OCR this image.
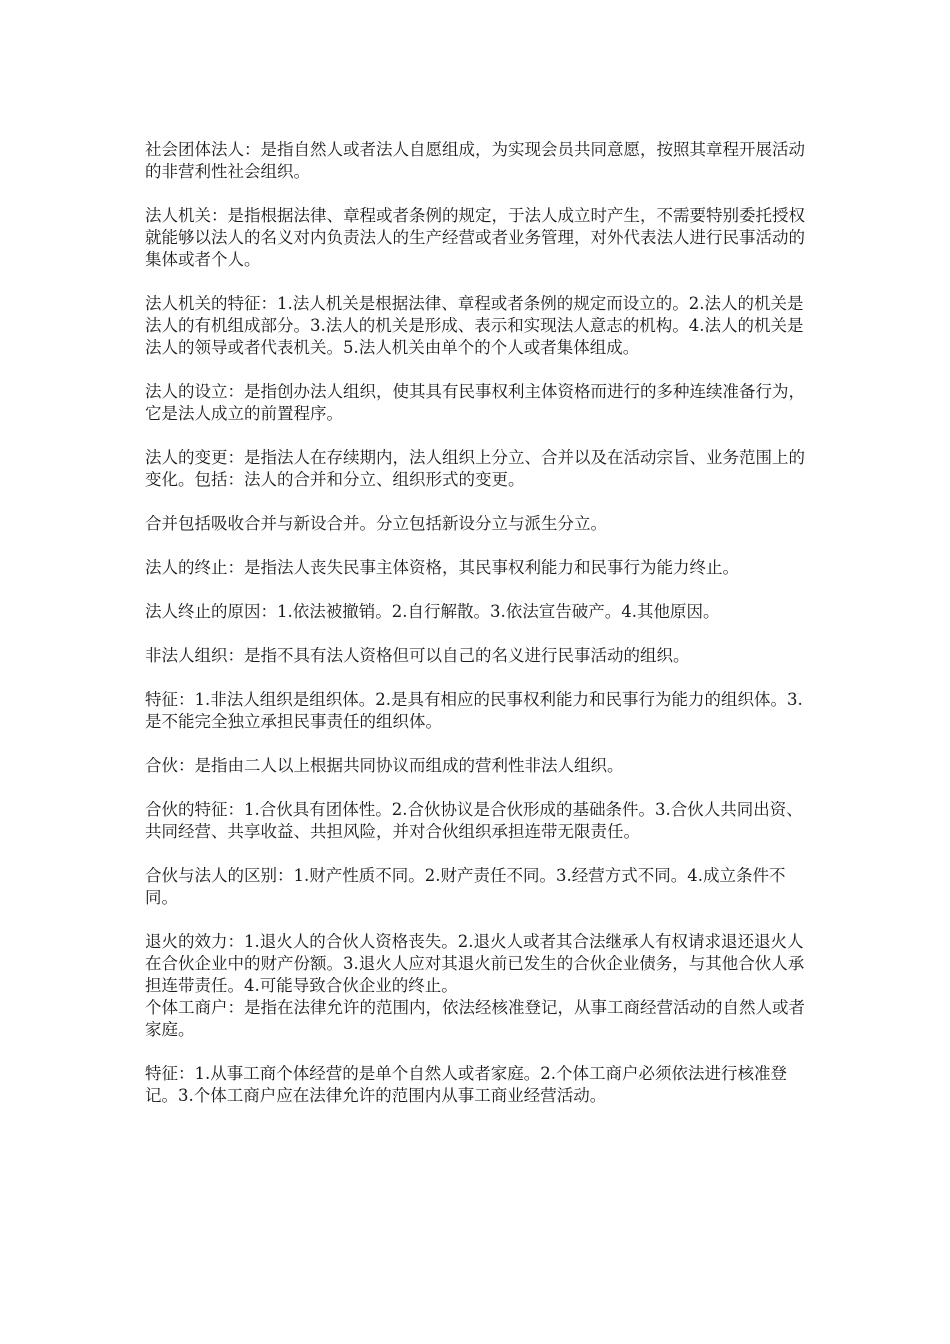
社会团体法人：是指自然人或者法人自愿组成，为实现会员共同意愿，按照其章程开展活动的非营利性社会组织。

法人机关：是指根据法律、章程或者条例的规定，于法人成立时产生，不需要特别委托授权就能够以法人的名义对内负责法人的生产经营或者业务管理，对外代表法人进行民事活动的集体或者个人。

法人机关的特征：1.法人机关是根据法律、章程或者条例的规定而设立的。2.法人的机关是法人的有机组成部分。3.法人的机关是形成、表示和实现法人意志的机构。4.法人的机关是法人的领导或者代表机关。5.法人机关由单个的个人或者集体组成。

法人的设立：是指创办法人组织，使其具有民事权利主体资格而进行的多种连续准备行为，它是法人成立的前置程序。

法人的变更：是指法人在存续期内，法人组织上分立、合并以及在活动宗旨、业务范围上的变化。包括：法人的合并和分立、组织形式的变更。

合并包括吸收合并与新设合并。分立包括新设分立与派生分立。

法人的终止：是指法人丧失民事主体资格，其民事权利能力和民事行为能力终止。

法人终止的原因：1.依法被撤销。2.自行解散。3.依法宣告破产。4.其他原因。

非法人组织：是指不具有法人资格但可以自己的名义进行民事活动的组织。

特征：1.非法人组织是组织体。2.是具有相应的民事权利能力和民事行为能力的组织体。3.是不能完全独立承担民事责任的组织体。

合伙：是指由二人以上根据共同协议而组成的营利性非法人组织。

合伙的特征：1.合伙具有团体性。2.合伙协议是合伙形成的基础条件。3.合伙人共同出资、共同经营、共享收益、共担风险，并对合伙组织承担连带无限责任。

合伙与法人的区别：1.财产性质不同。2.财产责任不同。3.经营方式不同。4.成立条件不同。

退火的效力：1.退火人的合伙人资格丧失。2.退火人或者其合法继承人有权请求退还退火人在合伙企业中的财产份额。3.退火人应对其退火前已发生的合伙企业债务，与其他合伙人承担连带责任。4.可能导致合伙企业的终止。

个体工商户：是指在法律允许的范围内，依法经核准登记，从事工商经营活动的自然人或者家庭。

特征：1.从事工商个体经营的是单个自然人或者家庭。2.个体工商户必须依法进行核准登记。3.个体工商户应在法律允许的范围内从事工商业经营活动。
